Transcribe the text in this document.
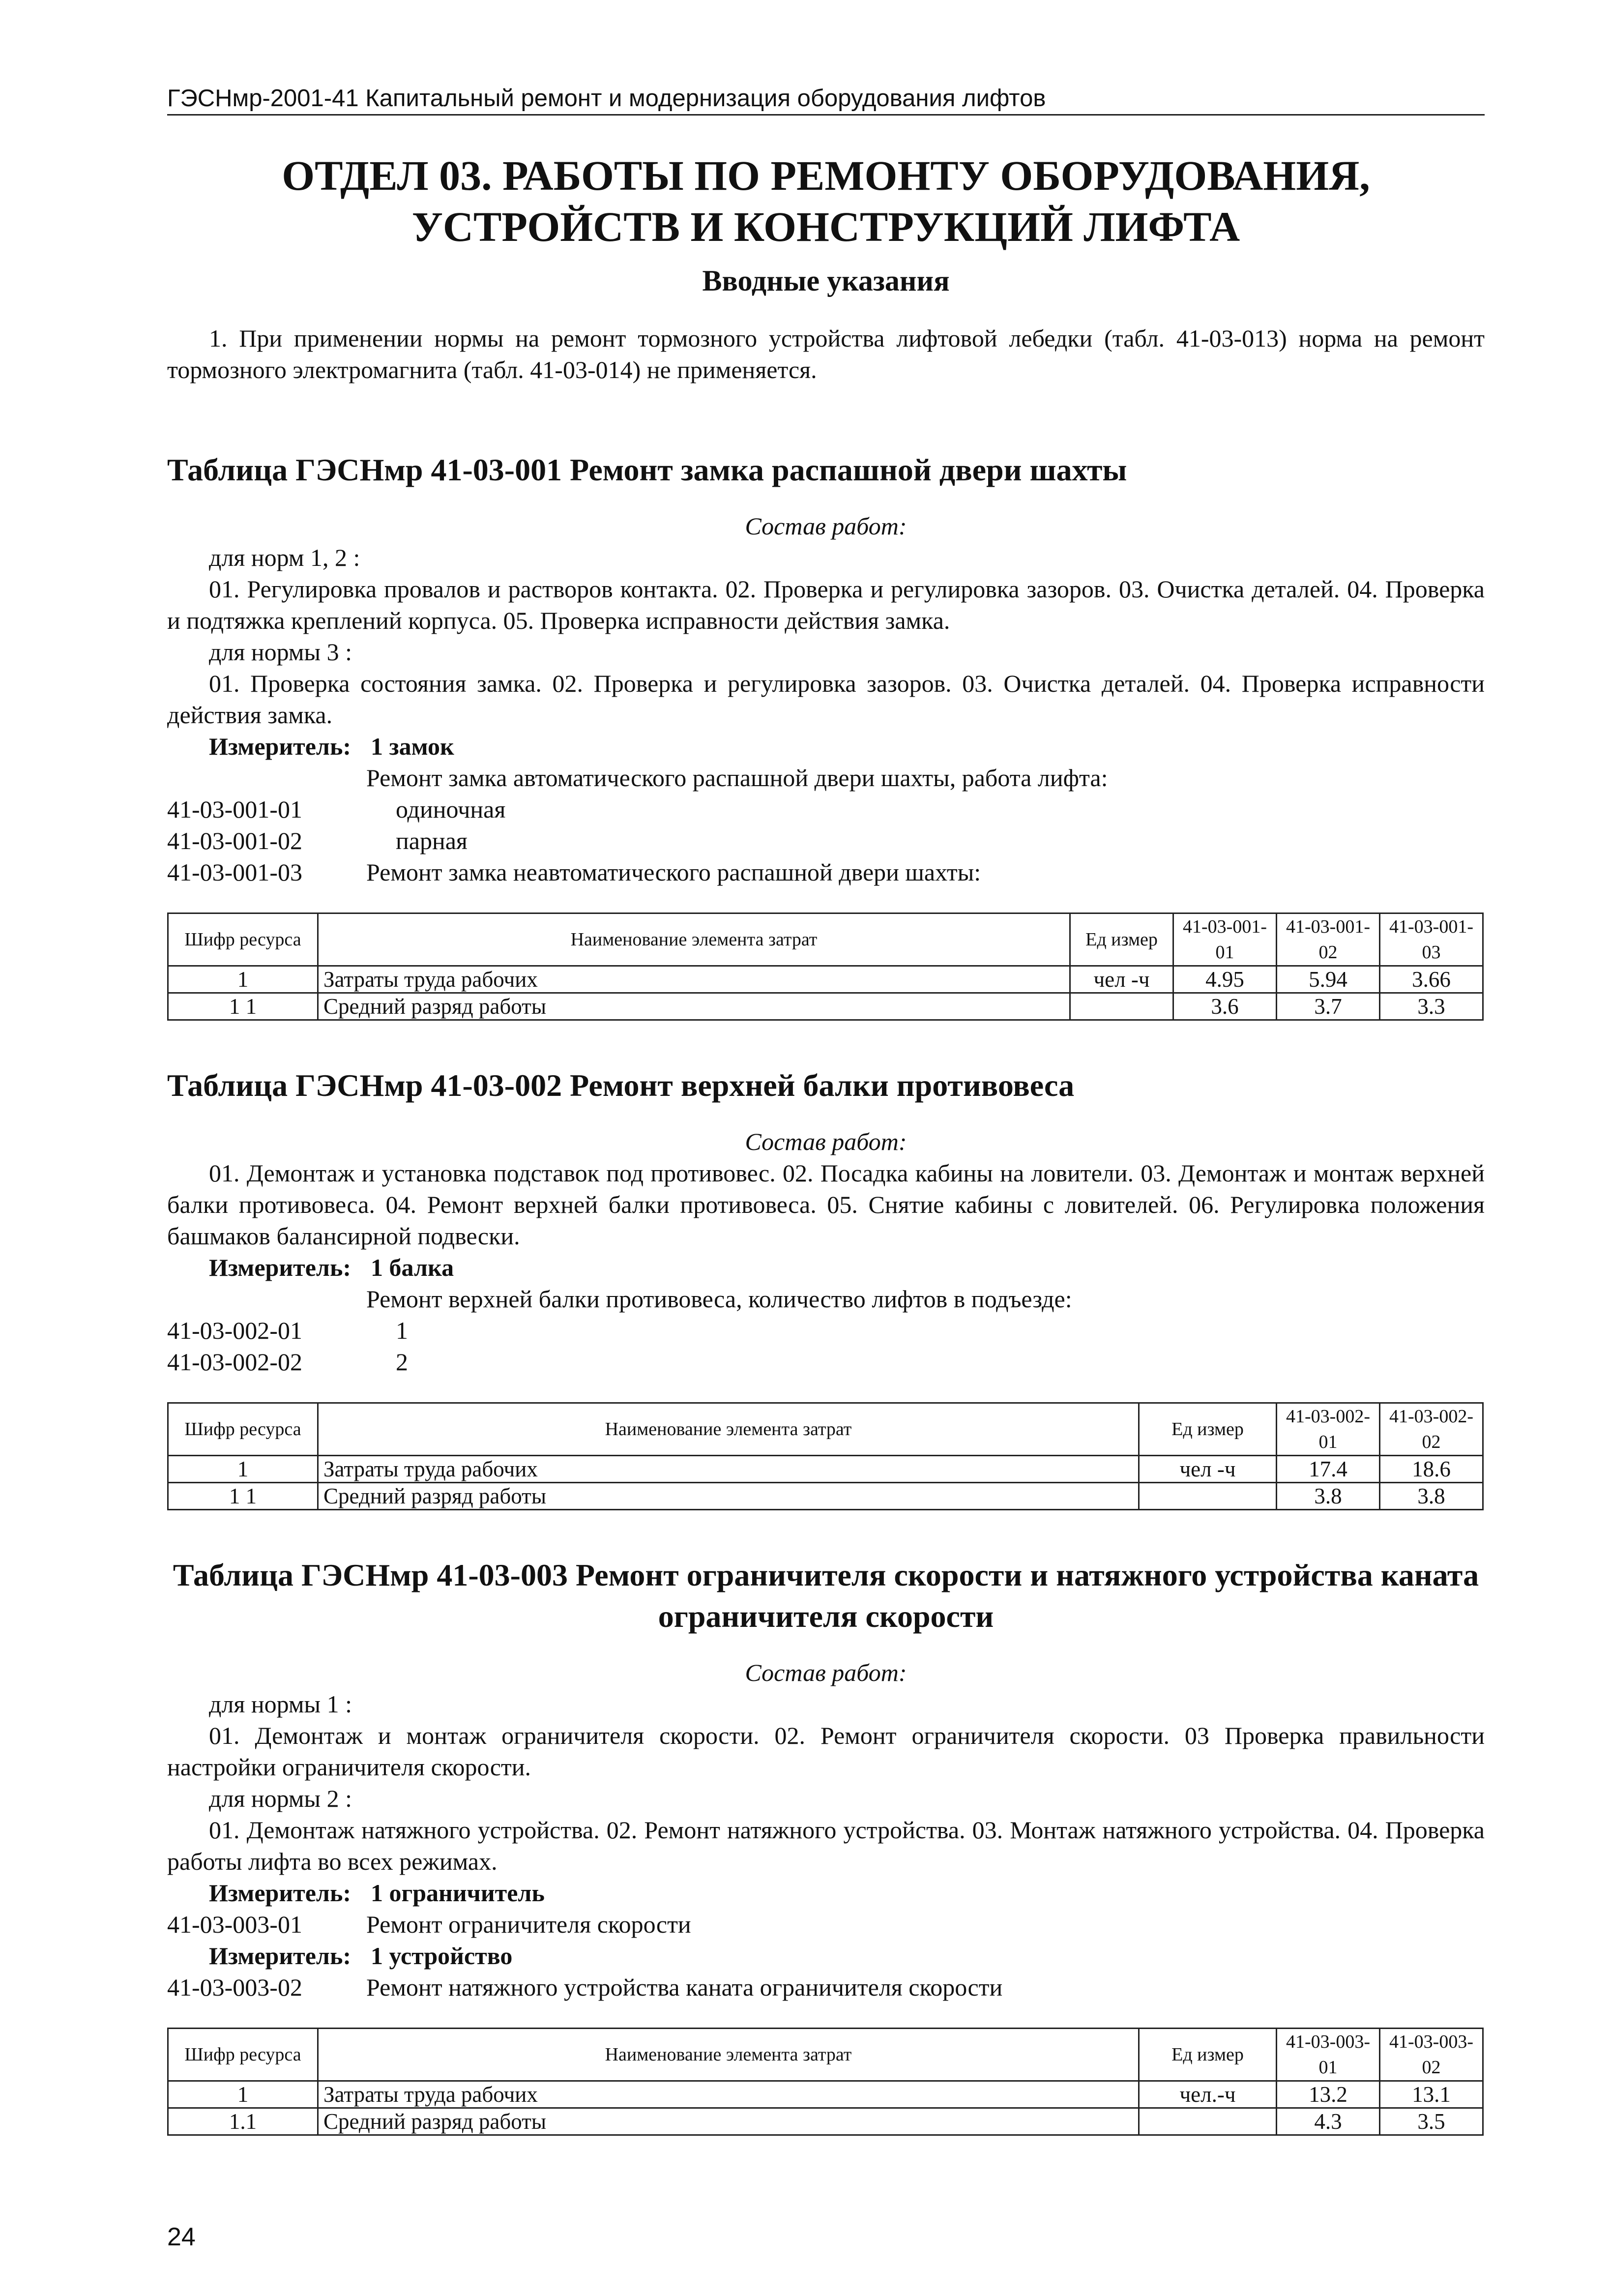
ГЭСНмр-2001-41 Капитальный ремонт и модернизация оборудования лифтов
ОТДЕЛ 03. РАБОТЫ ПО РЕМОНТУ ОБОРУДОВАНИЯ, УСТРОЙСТВ И КОНСТРУКЦИЙ ЛИФТА
Вводные указания

1. При применении нормы на ремонт тормозного устройства лифтовой лебедки (табл. 41-03-013) норма на ремонт тормозного электромагнита (табл. 41-03-014) не применяется.

Таблица ГЭСНмр 41-03-001 Ремонт замка распашной двери шахты
Состав работ:
для норм 1, 2 :

01. Регулировка провалов и растворов контакта. 02. Проверка и регулировка зазоров. 03. Очистка деталей. 04. Проверка и подтяжка креплений корпуса. 05. Проверка исправности действия замка.

для нормы 3 :

01. Проверка состояния замка. 02. Проверка и регулировка зазоров. 03. Очистка деталей. 04. Проверка исправности действия замка.

Измеритель: 1 замок
Ремонт замка автоматического распашной двери шахты, работа лифта:
41-03-001-01	одиночная
41-03-001-02	парная
41-03-001-03	Ремонт замка неавтоматического распашной двери шахты:
Шифр ресурса	Наименование элемента затрат	Ед измер	41-03-001-01	41-03-001-02	41-03-001-03
1	Затраты труда рабочих	чел -ч	4.95	5.94	3.66
1 1	Средний разряд работы		3.6	3.7	3.3
Таблица ГЭСНмр 41-03-002 Ремонт верхней балки противовеса
Состав работ:

01. Демонтаж и установка подставок под противовес. 02. Посадка кабины на ловители. 03. Демонтаж и монтаж верхней балки противовеса. 04. Ремонт верхней балки противовеса. 05. Снятие кабины с ловителей. 06. Регулировка положения башмаков балансирной подвески.

Измеритель: 1 балка
Ремонт верхней балки противовеса, количество лифтов в подъезде:
41-03-002-01	1
41-03-002-02	2
Шифр ресурса	Наименование элемента затрат	Ед измер	41-03-002-01	41-03-002-02
1	Затраты труда рабочих	чел -ч	17.4	18.6
1 1	Средний разряд работы		3.8	3.8
Таблица ГЭСНмр 41-03-003 Ремонт ограничителя скорости и натяжного устройства каната ограничителя скорости
Состав работ:
для нормы 1 :

01. Демонтаж и монтаж ограничителя скорости. 02. Ремонт ограничителя скорости. 03 Проверка правильности настройки ограничителя скорости.

для нормы 2 :

01. Демонтаж натяжного устройства. 02. Ремонт натяжного устройства. 03. Монтаж натяжного устройства. 04. Проверка работы лифта во всех режимах.

Измеритель: 1 ограничитель
41-03-003-01	Ремонт ограничителя скорости
Измеритель: 1 устройство
41-03-003-02	Ремонт натяжного устройства каната ограничителя скорости
Шифр ресурса	Наименование элемента затрат	Ед измер	41-03-003-01	41-03-003-02
1	Затраты труда рабочих	чел.-ч	13.2	13.1
1.1	Средний разряд работы		4.3	3.5
24
